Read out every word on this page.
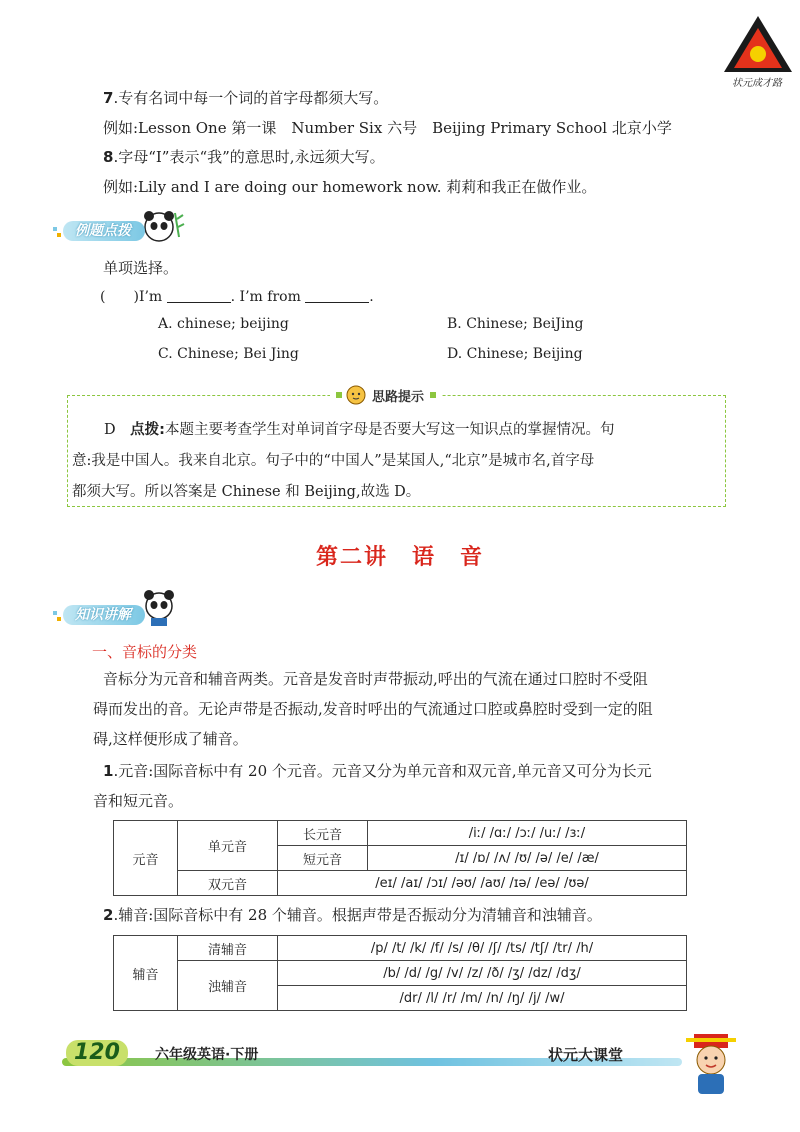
状元成才路
7.专有名词中每一个词的首字母都须大写。
例如:Lesson One 第一课　Number Six 六号　Beijing Primary School 北京小学
8.字母“I”表示“我”的意思时,永远须大写。
例如:Lily and I are doing our homework now. 莉莉和我正在做作业。
例题点拨
单项选择。
(　　)I’m	. I’m from	.
A. chinese; beijing	B. Chinese; BeiJing
C. Chinese; Bei Jing	D. Chinese; Beijing
思路提示
D　 点拨:本题主要考查学生对单词首字母是否要大写这一知识点的掌握情况。句
意:我是中国人。我来自北京。句子中的“中国人”是某国人,“北京”是城市名,首字母
都须大写。所以答案是 Chinese 和 Beijing,故选 D。
第二讲　语　音
知识讲解
一、音标的分类
音标分为元音和辅音两类。元音是发音时声带振动,呼出的气流在通过口腔时不受阻
碍而发出的音。无论声带是否振动,发音时呼出的气流通过口腔或鼻腔时受到一定的阻
碍,这样便形成了辅音。
1.元音:国际音标中有 20 个元音。元音又分为单元音和双元音,单元音又可分为长元
音和短元音。
元音	单元音	长元音	/iː/ /ɑː/ /ɔː/ /uː/ /ɜː/
		短元音	/ɪ/ /ɒ/ /ʌ/ /ʊ/ /ə/ /e/ /æ/
	双元音	/eɪ/ /aɪ/ /ɔɪ/ /əʊ/ /aʊ/ /ɪə/ /eə/ /ʊə/	
2.辅音:国际音标中有 28 个辅音。根据声带是否振动分为清辅音和浊辅音。
辅音	清辅音	/p/ /t/ /k/ /f/ /s/ /θ/ /ʃ/ /ts/ /tʃ/ /tr/ /h/
	浊辅音	/b/ /d/ /g/ /v/ /z/ /ð/ /ʒ/ /dz/ /dʒ/
		/dr/ /l/ /r/ /m/ /n/ /ŋ/ /j/ /w/
120	六年级英语·下册	状元大课堂
